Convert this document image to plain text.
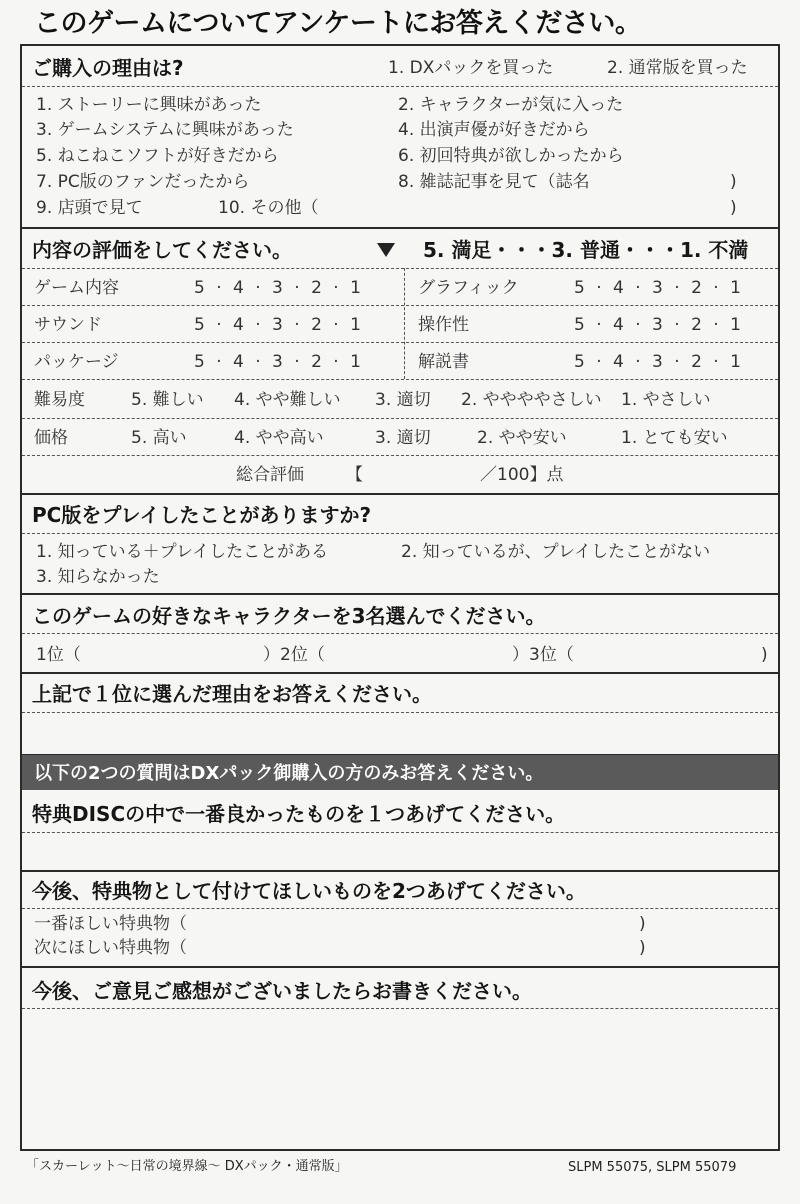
このゲームについてアンケートにお答えください。
ご購入の理由は?	1. DXパックを買った	2. 通常版を買った
1. ストーリーに興味があった	2. キャラクターが気に入った
3. ゲームシステムに興味があった	4. 出演声優が好きだから
5. ねこねこソフトが好きだから	6. 初回特典が欲しかったから
7. PC版のファンだったから	8. 雑誌記事を見て（誌名	)
9. 店頭で見て	10. その他（	)
内容の評価をしてください。	5. 満足・・・3. 普通・・・1. 不満
ゲーム内容	5 · 4 · 3 · 2 · 1	グラフィック	5 · 4 · 3 · 2 · 1
サウンド	5 · 4 · 3 · 2 · 1	操作性	5 · 4 · 3 · 2 · 1
パッケージ	5 · 4 · 3 · 2 · 1	解説書	5 · 4 · 3 · 2 · 1
難易度	5. 難しい 4. やや難しい 3. 適切 2. ややややさしい 1. やさしい
価格	5. 高い	4. やや高い	3. 適切	2. やや安い	1. とても安い
総合評価 【	／100】点
PC版をプレイしたことがありますか?
1. 知っている＋プレイしたことがある	2. 知っているが、プレイしたことがない
3. 知らなかった
このゲームの好きなキャラクターを3名選んでください。
1位（	）2位（	）3位（	)
上記で１位に選んだ理由をお答えください。
以下の2つの質問はDXパック御購入の方のみお答えください。
特典DISCの中で一番良かったものを１つあげてください。
今後、特典物として付けてほしいものを2つあげてください。
一番ほしい特典物（	)
次にほしい特典物（	)
今後、ご意見ご感想がございましたらお書きください。
「スカーレット〜日常の境界線〜 DXパック・通常版」	SLPM 55075, SLPM 55079
